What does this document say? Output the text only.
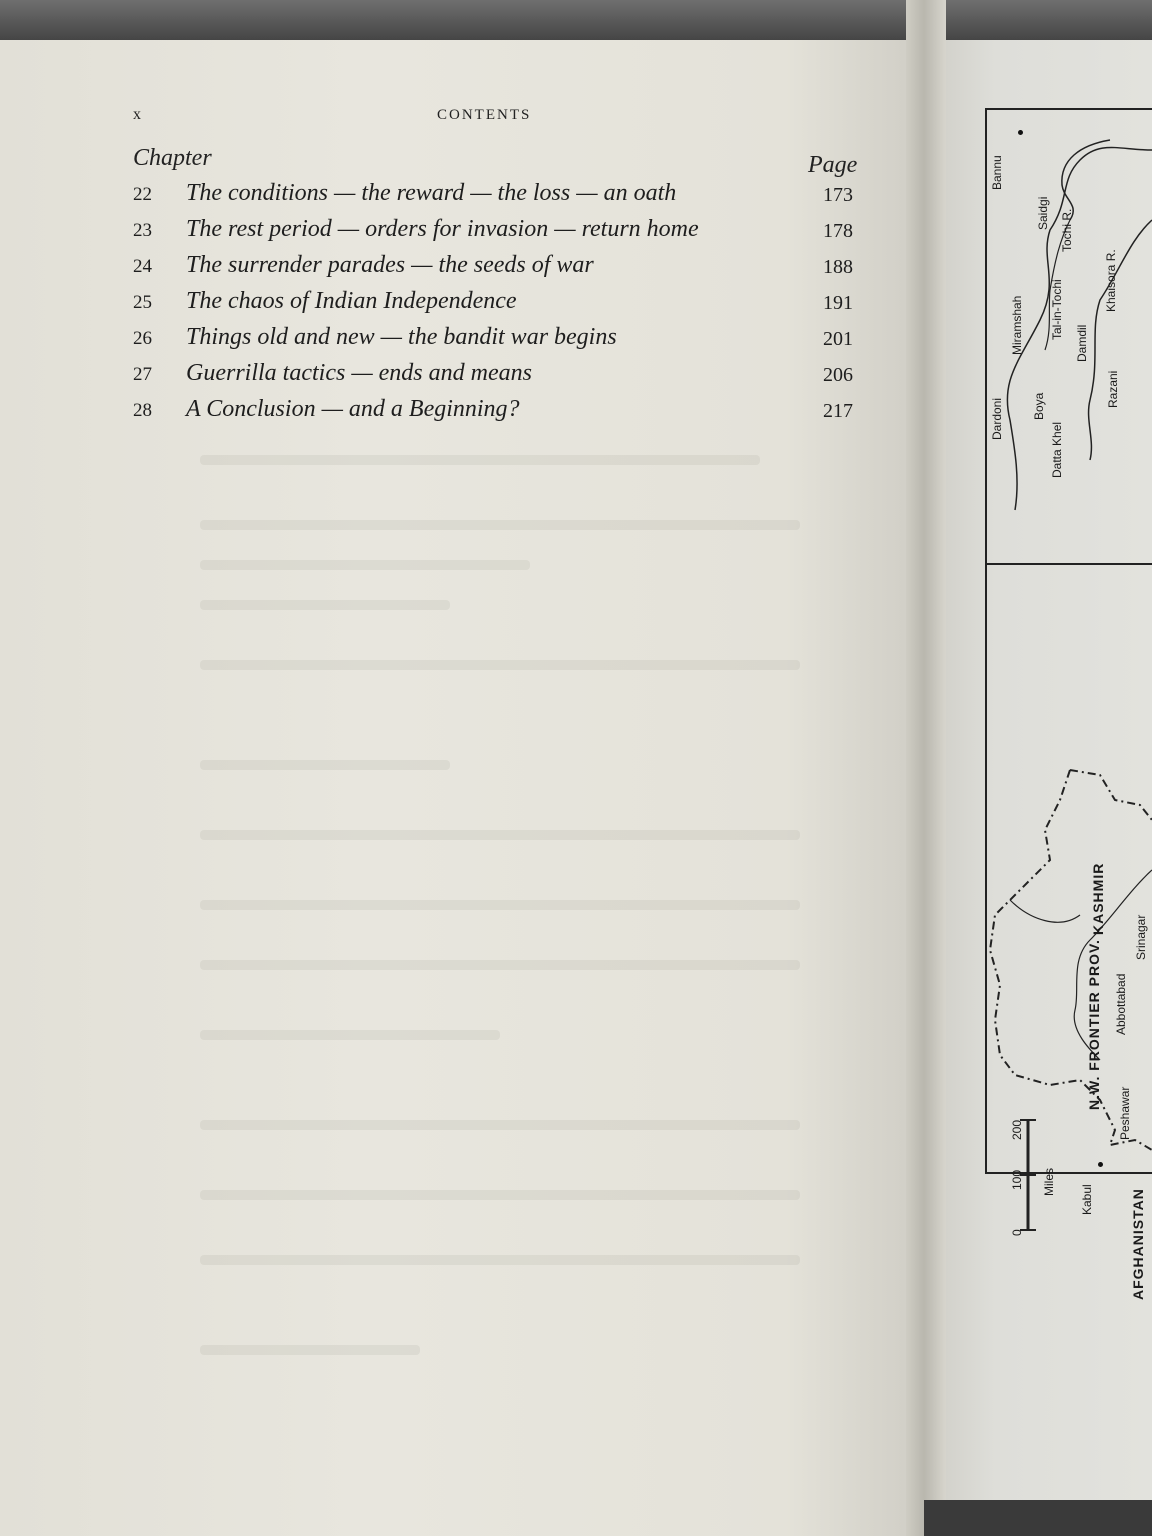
x	CONTENTS
Chapter	Page
22 The conditions — the reward — the loss — an oath	173
23 The rest period — orders for invasion — return home	178
24 The surrender parades — the seeds of war	188
25 The chaos of Indian Independence	191
26 Things old and new — the bandit war begins	201
27 Guerrilla tactics — ends and means	206
28 A Conclusion — and a Beginning?	217
Bannu
Saidgi Tochi R.
Miramshah Tal-in-Tochi	Khaisora R.
Damdil
Dardoni Boya
Datta Khel
Razani
KASHMIR
Srinagar
Abbottabad
N.W. FRONTIER PROV.
Peshawar
Kabul	AFGHANISTAN
0
100
200
Miles
